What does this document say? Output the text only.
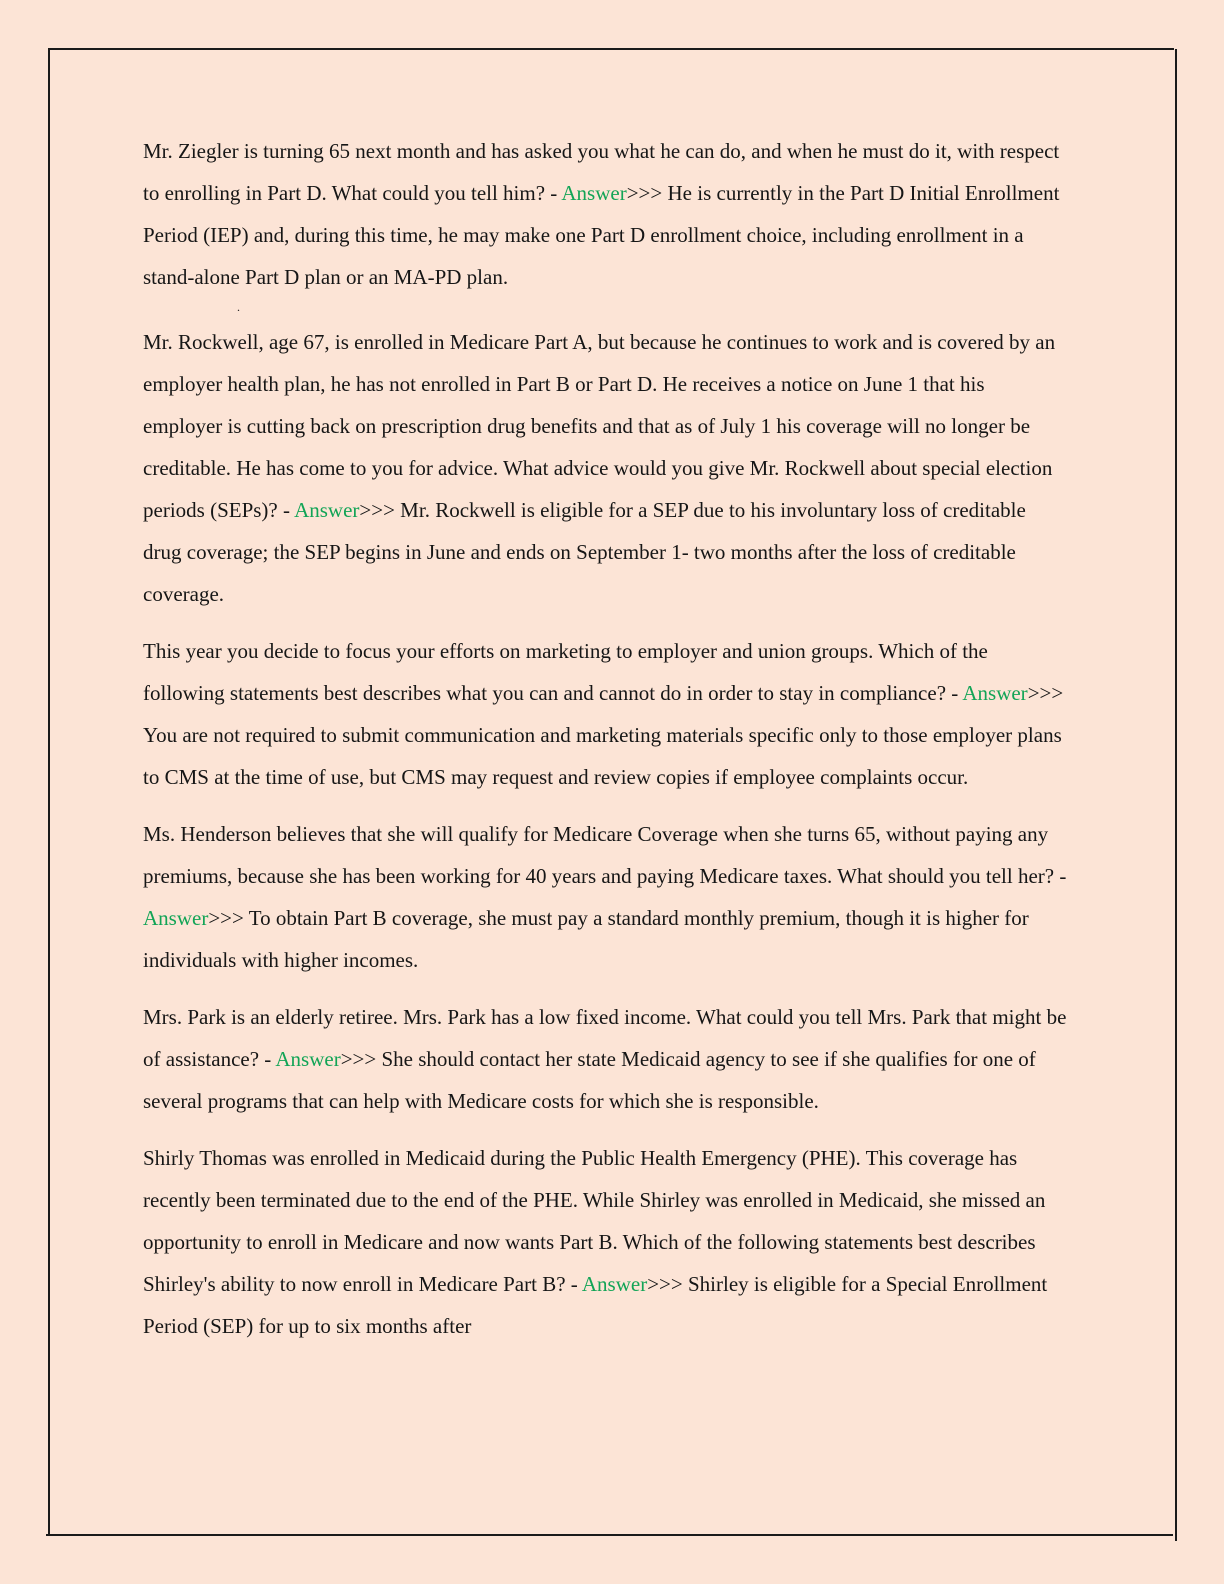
Mr. Ziegler is turning 65 next month and has asked you what he can do, and when he must do it, with respect to enrolling in Part D. What could you tell him? - Answer>>> He is currently in the Part D Initial Enrollment Period (IEP) and, during this time, he may make one Part D enrollment choice, including enrollment in a stand-alone Part D plan or an MA-PD plan.

.

Mr. Rockwell, age 67, is enrolled in Medicare Part A, but because he continues to work and is covered by an employer health plan, he has not enrolled in Part B or Part D. He receives a notice on June 1 that his employer is cutting back on prescription drug benefits and that as of July 1 his coverage will no longer be creditable. He has come to you for advice. What advice would you give Mr. Rockwell about special election periods (SEPs)? - Answer>>> Mr. Rockwell is eligible for a SEP due to his involuntary loss of creditable drug coverage; the SEP begins in June and ends on September 1- two months after the loss of creditable coverage.

This year you decide to focus your efforts on marketing to employer and union groups. Which of the following statements best describes what you can and cannot do in order to stay in compliance? - Answer>>> You are not required to submit communication and marketing materials specific only to those employer plans to CMS at the time of use, but CMS may request and review copies if employee complaints occur.

Ms. Henderson believes that she will qualify for Medicare Coverage when she turns 65, without paying any premiums, because she has been working for 40 years and paying Medicare taxes. What should you tell her? - Answer>>> To obtain Part B coverage, she must pay a standard monthly premium, though it is higher for individuals with higher incomes.

Mrs. Park is an elderly retiree. Mrs. Park has a low fixed income. What could you tell Mrs. Park that might be of assistance? - Answer>>> She should contact her state Medicaid agency to see if she qualifies for one of several programs that can help with Medicare costs for which she is responsible.

Shirly Thomas was enrolled in Medicaid during the Public Health Emergency (PHE). This coverage has recently been terminated due to the end of the PHE. While Shirley was enrolled in Medicaid, she missed an opportunity to enroll in Medicare and now wants Part B. Which of the following statements best describes Shirley's ability to now enroll in Medicare Part B? - Answer>>> Shirley is eligible for a Special Enrollment Period (SEP) for up to six months after
